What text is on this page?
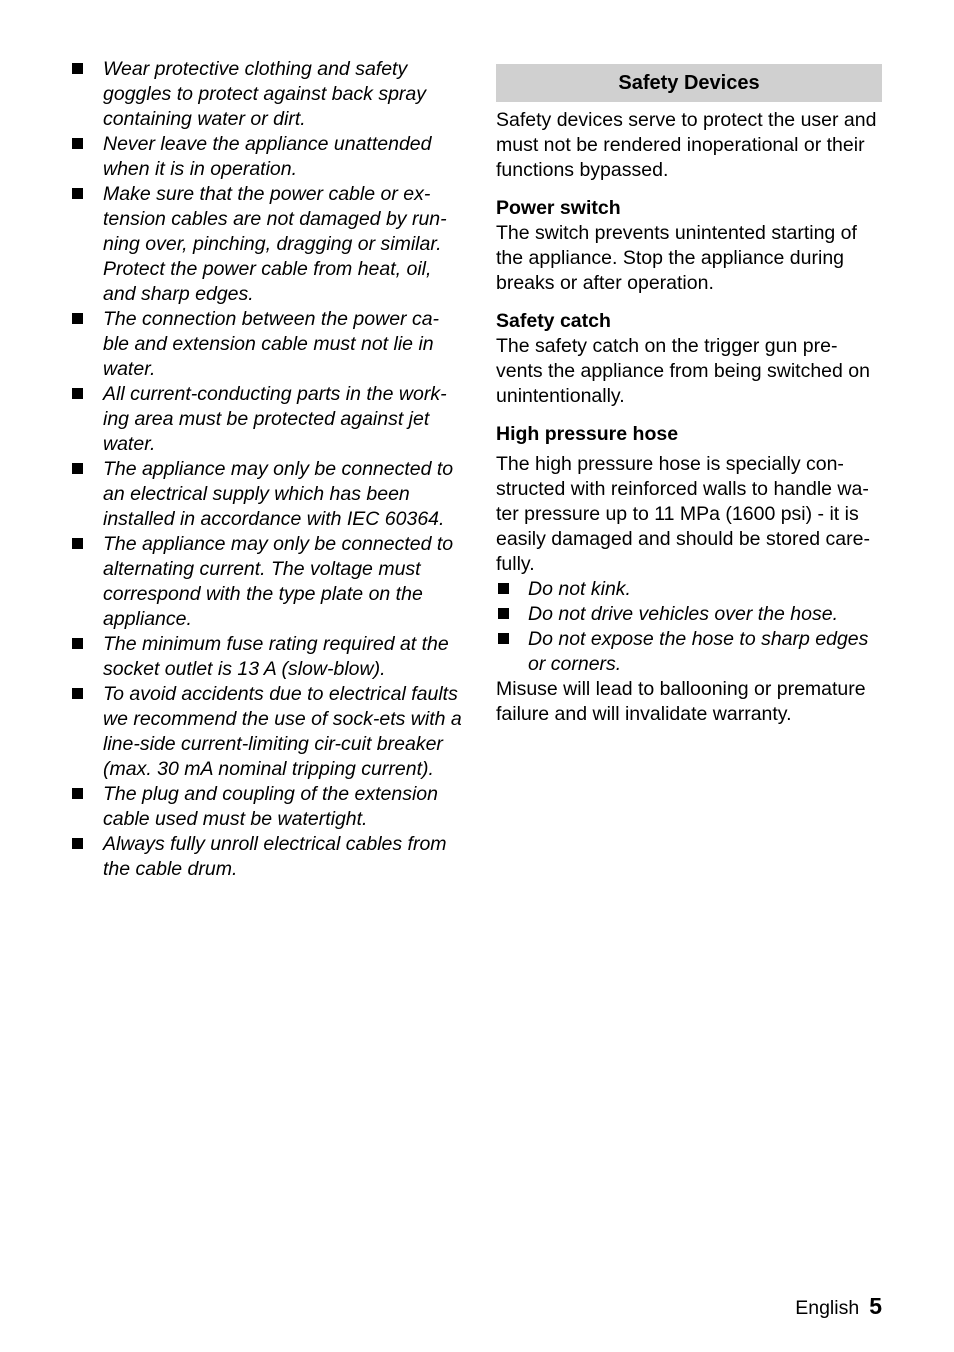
Wear protective clothing and safety goggles to protect against back spray containing water or dirt.
Never leave the appliance unattended when it is in operation.
Make sure that the power cable or ex-tension cables are not damaged by run-ning over, pinching, dragging or similar. Protect the power cable from heat, oil, and sharp edges.
The connection between the power ca-ble and extension cable must not lie in water.
All current-conducting parts in the work-ing area must be protected against jet water.
The appliance may only be connected to an electrical supply which has been installed in accordance with IEC 60364.
The appliance may only be connected to alternating current. The voltage must correspond with the type plate on the appliance.
The minimum fuse rating required at the socket outlet is 13 A (slow-blow).
To avoid accidents due to electrical faults we recommend the use of sock-ets with a line-side current-limiting cir-cuit breaker (max. 30 mA nominal tripping current).
The plug and coupling of the extension cable used must be watertight.
Always fully unroll electrical cables from the cable drum.
Safety Devices

Safety devices serve to protect the user and must not be rendered inoperational or their functions bypassed.

Power switch

The switch prevents unintented starting of the appliance. Stop the appliance during breaks or after operation.

Safety catch

The safety catch on the trigger gun pre-vents the appliance from being switched on unintentionally.

High pressure hose

The high pressure hose is specially con-structed with reinforced walls to handle wa-ter pressure up to 11 MPa (1600 psi) - it is easily damaged and should be stored care-fully.

Do not kink.
Do not drive vehicles over the hose.
Do not expose the hose to sharp edges or corners.

Misuse will lead to ballooning or premature failure and will invalidate warranty.

English 5
